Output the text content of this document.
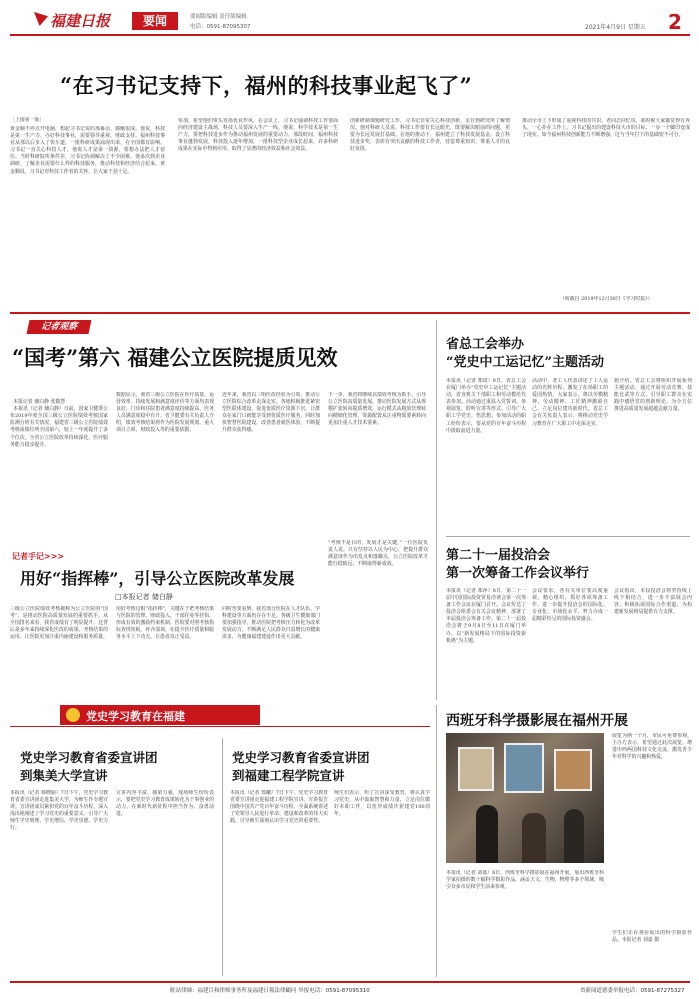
福建日报	要闻	要闻版编辑 责任版编辑
电话：0591-87095307	2021年4月9日 星期五 2
“在习书记支持下，福州的科技事业起飞了”
［上接第一版］
黄金顺不停点开电脑，想起习书记说的那番话，感触很深。他说，科技是第一生产力，办好科技事业，需要领导重视、财政支持。福州科技事业从那以后步入了快车道，一批科研成果涌现出来，在全国都有影响。习书记一直关心科技人才，他说人才是第一资源，要想办法把人才留住。当时科研院所条件差，习书记协调解决了不少困难。他多次到企业调研，了解企业需要什么样的科技服务，推动科技和经济结合起来。黄金顺说，习书记对科技工作者的关怀，让大家干劲十足。
参加，希望他们带头发扬优良作风。在会议上，习书记强调科技工作要面向经济建设主战场，科技人员要深入生产一线。他说，科学技术是第一生产力，要把科技进步作为推动福州发展的重要动力。那段时间，福州科技事业蓬勃发展，科技投入逐年增加，一批科技型企业成长起来，许多科研成果在实际中得到应用，取得了显著的经济效益和社会效益。
创新研制课题研究工作。习书记非常关心科技创新，亲自到研究所了解情况。他对科研人员说，科技工作要有长远眼光，既要解决眼前的问题，更要为长远发展打基础。在他的推动下，福州建立了科技发展基金，设立科技进步奖，表彰有突出贡献的科技工作者，营造尊重知识、尊重人才的良好氛围。
推动全市上下形成了重视科技的共识。老同志回忆说，那时候大家都觉得有奔头，一心扑在工作上。习书记提出的建设科技大市的目标，一步一个脚印变成了现实。如今福州科技创新能力不断增强，这与当年打下的基础密不可分。
（转载自 2019年12月30日《学习时报》）
记者观察
“国考”第六 福建公立医院提质见效

本报记者 储白静 张敬慧
本报讯（记者 储白静）日前，国家卫健委公布2019年度全国三级公立医院绩效考核国家监测分析有关情况，福建省三级公立医院绩效考核成绩位列全国第六，较上一年度提升了多个位次。全省公立医院改革持续深化，医疗服务能力稳步提升。

数据显示，我省三级公立医院在医疗质量、运营效率、持续发展和满意度评价等方面均表现良好，门诊和住院患者满意度持续提高，医务人员满意度稳中有升。省卫健委有关负责人介绍，绩效考核结果将作为医院发展规划、重大项目立项、财政投入等的重要依据。
近年来，我省以三明医改经验为引领，推动公立医院综合改革走深走实。各地积极推进紧密型医联体建设，促进优质医疗资源下沉，让群众在家门口就能享受到优质医疗服务。同时加快智慧医院建设，改善患者就医体验，不断提升群众获得感。
下一步，我省将继续以绩效考核为抓手，引导公立医院高质量发展，推动医院发展方式从规模扩张转向提质增效，运行模式从粗放管理转向精细化管理，资源配置从注重物质要素转向更加注重人才技术要素。
记者手记>>>
用好“指挥棒”，引导公立医院改革发展
□本报记者 储白静
三级公立医院绩效考核被称为公立医院的“国考”，是推动医院高质量发展的重要抓手。从全国排名来看，我省成绩有了明显提升，这背后是多年来持续深化医改的成果。考核结果的运用，让医院更加注重内涵建设和服务质量。
用好考核这根“指挥棒”，关键在于把考核结果与医院的管理、财政投入、干部任免等挂钩，形成有效的激励约束机制。医院要对照考核指标查找短板，补齐弱项，在提升医疗质量和服务水平上下功夫，让患者真正受益。
同时也要看到，我省部分医院在人才队伍、学科建设等方面仍存在不足。各级卫生健康部门要加强指导，推动医院把考核压力转化为改革发展动力，不断满足人民群众日益增长的健康需求，为健康福建建设作出更大贡献。
“考核不是目的，发展才是关键。”一位医院负责人说。只有坚持以人民为中心，把提升群众满意度作为出发点和落脚点，公立医院改革才能行稳致远，不断取得新成效。
省总工会举办
“党史中工运记忆”主题活动
本报讯（记者 郑琦）8日，省总工会在厦门举办“党史中工运记忆”主题活动，省直机关干部职工和劳动模范代表参加。活动通过重温入党誓词、参观展览、聆听宣讲等形式，引导广大职工学党史、悟思想。参加活动的职工纷纷表示，要从党的百年奋斗历程中汲取前进力量。
活动中，老工人代表讲述了工人运动的光辉历程，激发了在场职工的爱国热情。大家表示，将以劳模精神、劳动精神、工匠精神激励自己，立足岗位建功新时代。省总工会有关负责人表示，将推动党史学习教育在广大职工中走深走实。
据介绍，省总工会将组织开展系列主题活动，通过开展劳动竞赛、技能比武等方式，引导职工群众在实践中感悟党的创新理论，为全方位推进高质量发展超越贡献力量。
第二十一届投洽会
第一次筹备工作会议举行
本报讯（记者 郑萍）8日，第二十一届中国国际投资贸易洽谈会第一次筹备工作会议在厦门召开。会议传达了投洽会组委会有关会议精神，部署了本届投洽会筹备工作。第二十一届投洽会将于9月8日至11日在厦门举办，以“新发展格局下的国际投资新机遇”为主题。
会议要求，各有关单位要高度重视，精心组织，抓好各项筹备工作，进一步提升投洽会的国际化、专业化、市场化水平，努力办成一届精彩纷呈的国际投资盛会。
会议指出，本届投洽会将坚持线上线下相结合，进一步丰富展会内容，积极拓展国际合作渠道，为构建新发展格局提供有力支撑。
党史学习教育在福建
党史学习教育省委宣讲团
到集美大学宣讲
本报讯（记者 韩晓丽）7日下午，党史学习教育省委宣讲团走进集美大学，为师生作专题宣讲。宣讲团成员紧扣党的百年奋斗历程，深入浅出地阐述了学习党史的重要意义，引导广大师生学史明理、学史增信、学史崇德、学史力行。
宣讲内容丰富、感染力强，现场师生纷纷表示，要把党史学习教育成果转化为干事创业的动力，在新时代新征程中担当作为、奋勇前进。
党史学习教育省委宣讲团
到福建工程学院宣讲
本报讯（记者 郑曦）7日下午，党史学习教育省委宣讲团走进福建工程学院宣讲。宣讲报告围绕中国共产党百年奋斗历程，全面系统讲述了党领导人民进行革命、建设和改革的伟大实践，引导师生深刻认识学习党史的重要性。
师生们表示，听了宣讲深受教育，将认真学习党史，从中汲取智慧和力量，立足岗位做好本职工作，以优异成绩庆祝建党100周年。
西班牙科学摄影展在福州开展
学生们正在观看展出的科学摄影作品。本报记者 刘嘉 摄
本报讯（记者 刘嘉）8日，西班牙科学摄影展在福州开展，展出西班牙科学家拍摄的数十幅科学摄影作品，涵盖天文、生物、物理等多个领域，吸引众多市民和学生前来参观。
展览为期一个月，市民可免费参观。主办方表示，希望通过此次展览，增进中西两国科技文化交流，激发青少年对科学的兴趣和热爱。
駐站律師：福建目和律师事务所及福建日報法律顧问 举报电话：0591-87095310	省新闻道德委举报电话：0591-87275327
